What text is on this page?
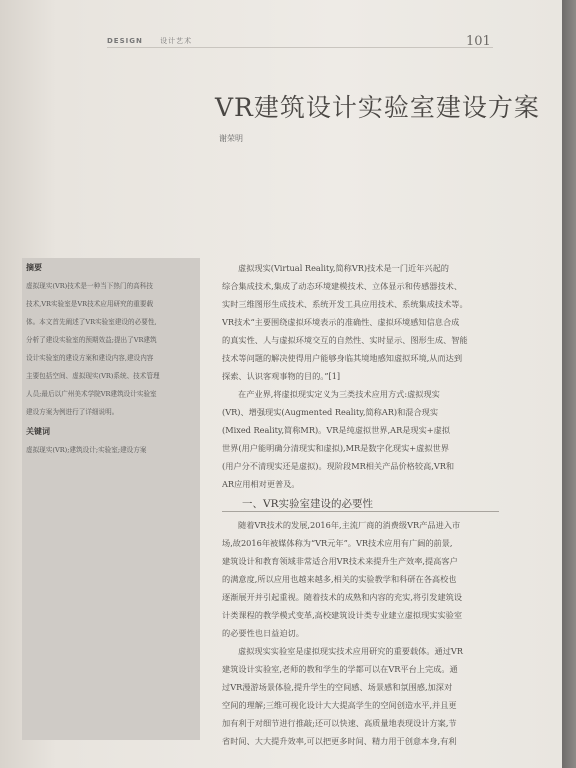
DESIGN 设计艺术	101
VR建筑设计实验室建设方案
谢荣明
摘要
虚拟现实(VR)技术是一种当下热门的高科技
技术,VR实验室是VR技术应用研究的重要载
体。本文首先阐述了VR实验室建设的必要性,
分析了建设实验室的预期效益;提出了VR建筑
设计实验室的建设方案和建设内容,建设内容
主要包括空间、虚拟现实(VR)系统、技术管理
人员;最后以广州美术学院VR建筑设计实验室
建设方案为例进行了详细说明。
关键词
虚拟现实(VR);建筑设计;实验室;建设方案
虚拟现实(Virtual Reality,简称VR)技术是一门近年兴起的
综合集成技术,集成了动态环境建模技术、立体显示和传感器技术、
实时三维图形生成技术、系统开发工具应用技术、系统集成技术等。
VR技术“主要围绕虚拟环境表示的准确性、虚拟环境感知信息合成
的真实性、人与虚拟环境交互的自然性、实时显示、图形生成、智能
技术等问题的解决使得用户能够身临其境地感知虚拟环境,从而达到
探索、认识客观事物的目的。”[1]
在产业界,将虚拟现实定义为三类技术应用方式:虚拟现实
(VR)、增强现实(Augmented Reality,简称AR)和混合现实
(Mixed Reality,简称MR)。VR是纯虚拟世界,AR是现实+虚拟
世界(用户能明确分清现实和虚拟),MR是数字化现实+虚拟世界
(用户分不清现实还是虚拟)。现阶段MR相关产品价格较高,VR和
AR应用相对更普及。
一、VR实验室建设的必要性
随着VR技术的发展,2016年,主流厂商的消费级VR产品进入市
场,故2016年被媒体称为“VR元年”。VR技术应用有广阔的前景,
建筑设计和教育领域非常适合用VR技术来提升生产效率,提高客户
的满意度,所以应用也越来越多,相关的实验教学和科研在各高校也
逐渐展开并引起重视。随着技术的成熟和内容的充实,将引发建筑设
计类课程的教学模式变革,高校建筑设计类专业建立虚拟现实实验室
的必要性也日益迫切。
虚拟现实实验室是虚拟现实技术应用研究的重要载体。通过VR
建筑设计实验室,老师的教和学生的学都可以在VR平台上完成。通
过VR漫游场景体验,提升学生的空间感、场景感和氛围感,加深对
空间的理解;三维可视化设计大大提高学生的空间创造水平,并且更
加有利于对细节进行推敲;还可以快速、高质量地表现设计方案,节
省时间、大大提升效率,可以把更多时间、精力用于创意本身,有利
